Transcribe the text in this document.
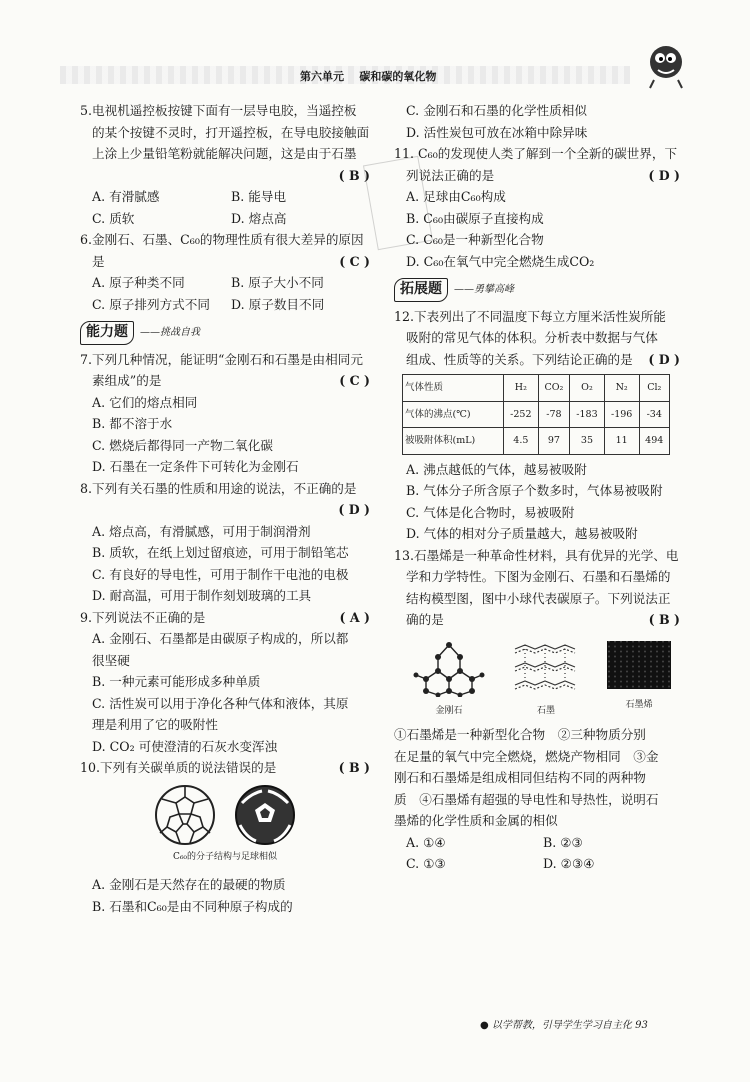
第六单元 碳和碳的氧化物
5.电视机遥控板按键下面有一层导电胶，当遥控板
的某个按键不灵时，打开遥控板，在导电胶接触面
上涂上少量铅笔粉就能解决问题，这是由于石墨
( B )

A. 有滑腻感	B. 能导电
C. 质软	D. 熔点高
6.金刚石、石墨、C₆₀的物理性质有很大差异的原因
( C )
是
A. 原子种类不同	B. 原子大小不同
C. 原子排列方式不同	D. 原子数目不同
能力题	——挑战自我
7.下列几种情况，能证明“金刚石和石墨是由相同元
( C )
素组成”的是
A. 它们的熔点相同
B. 都不溶于水
C. 燃烧后都得同一产物二氧化碳
D. 石墨在一定条件下可转化为金刚石
8.下列有关石墨的性质和用途的说法，不正确的是
( D )

A. 熔点高，有滑腻感，可用于制润滑剂
B. 质软，在纸上划过留痕迹，可用于制铅笔芯
C. 有良好的导电性，可用于制作干电池的电极
D. 耐高温，可用于制作刻划玻璃的工具
( A )
9.下列说法不正确的是
A. 金刚石、石墨都是由碳原子构成的，所以都
很坚硬
B. 一种元素可能形成多种单质
C. 活性炭可以用于净化各种气体和液体，其原
理是利用了它的吸附性
D. CO₂ 可使澄清的石灰水变浑浊
( B )
10.下列有关碳单质的说法错误的是
C₆₀的分子结构与足球相似
A. 金刚石是天然存在的最硬的物质
B. 石墨和C₆₀是由不同种原子构成的
C. 金刚石和石墨的化学性质相似
D. 活性炭包可放在冰箱中除异味
11. C₆₀的发现使人类了解到一个全新的碳世界，下
( D )
列说法正确的是
A. 足球由C₆₀构成
B. C₆₀由碳原子直接构成
C. C₆₀是一种新型化合物
D. C₆₀在氧气中完全燃烧生成CO₂
拓展题	——勇攀高峰
12.下表列出了不同温度下每立方厘米活性炭所能
吸附的常见气体的体积。分析表中数据与气体
( D )
组成、性质等的关系。下列结论正确的是
气体性质	H₂	CO₂	O₂	N₂	Cl₂
气体的沸点(℃)	-252	-78	-183	-196	-34
被吸附体积(mL)	4.5	97	35	11	494
A. 沸点越低的气体，越易被吸附
B. 气体分子所含原子个数多时，气体易被吸附
C. 气体是化合物时，易被吸附
D. 气体的相对分子质量越大，越易被吸附
13.石墨烯是一种革命性材料，具有优异的光学、电
学和力学特性。下图为金刚石、石墨和石墨烯的
结构模型图，图中小球代表碳原子。下列说法正
( B )
确的是
金刚石	石墨
石墨烯
①石墨烯是一种新型化合物　②三种物质分别
在足量的氧气中完全燃烧，燃烧产物相同　③金
刚石和石墨烯是组成相同但结构不同的两种物
质　④石墨烯有超强的导电性和导热性，说明石
墨烯的化学性质和金属的相似
A. ①④	B. ②③
C. ①③	D. ②③④
● 以学帮教，引导学生学习自主化 93
